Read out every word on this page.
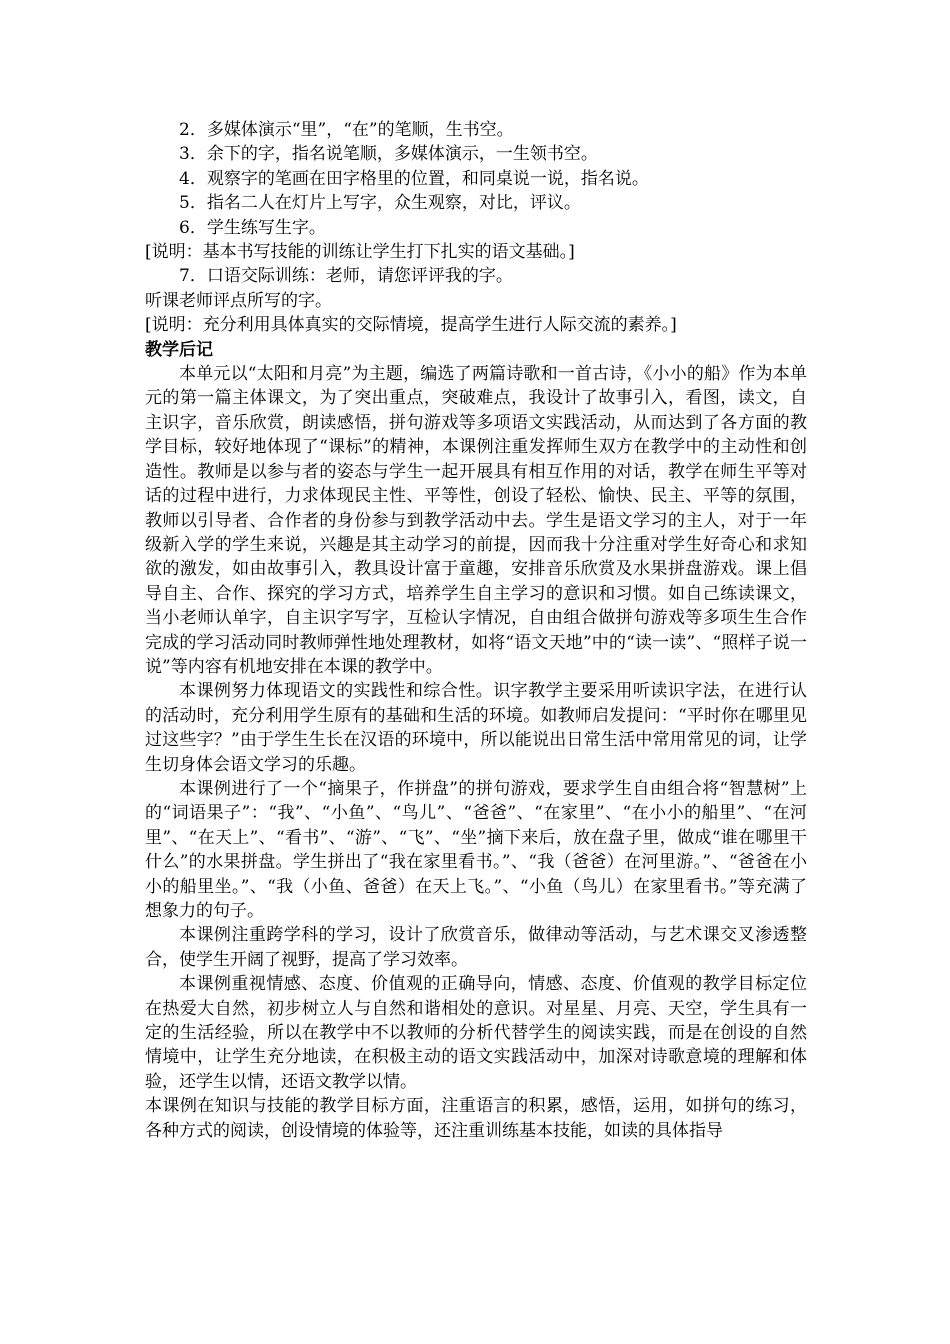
　　2．多媒体演示“里”，“在”的笔顺，生书空。
　　3．余下的字，指名说笔顺，多媒体演示，一生领书空。
　　4．观察字的笔画在田字格里的位置，和同桌说一说，指名说。
　　5．指名二人在灯片上写字，众生观察，对比，评议。
　　6．学生练写生字。
[说明：基本书写技能的训练让学生打下扎实的语文基础。]
　　7．口语交际训练：老师，请您评评我的字。
听课老师评点所写的字。
[说明：充分利用具体真实的交际情境，提高学生进行人际交流的素养。]
教学后记

本单元以“太阳和月亮”为主题，编选了两篇诗歌和一首古诗，《小小的船》作为本单元的第一篇主体课文，为了突出重点，突破难点，我设计了故事引入，看图，读文，自主识字，音乐欣赏，朗读感悟，拼句游戏等多项语文实践活动，从而达到了各方面的教学目标，较好地体现了“课标”的精神，本课例注重发挥师生双方在教学中的主动性和创造性。教师是以参与者的姿态与学生一起开展具有相互作用的对话，教学在师生平等对话的过程中进行，力求体现民主性、平等性，创设了轻松、愉快、民主、平等的氛围，教师以引导者、合作者的身份参与到教学活动中去。学生是语文学习的主人，对于一年级新入学的学生来说，兴趣是其主动学习的前提，因而我十分注重对学生好奇心和求知欲的激发，如由故事引入，教具设计富于童趣，安排音乐欣赏及水果拼盘游戏。课上倡导自主、合作、探究的学习方式，培养学生自主学习的意识和习惯。如自己练读课文，当小老师认单字，自主识字写字，互检认字情况，自由组合做拼句游戏等多项生生合作完成的学习活动同时教师弹性地处理教材，如将“语文天地”中的“读一读”、“照样子说一说”等内容有机地安排在本课的教学中。

本课例努力体现语文的实践性和综合性。识字教学主要采用听读识字法，在进行认的活动时，充分利用学生原有的基础和生活的环境。如教师启发提问：“平时你在哪里见过这些字？”由于学生生长在汉语的环境中，所以能说出日常生活中常用常见的词，让学生切身体会语文学习的乐趣。

本课例进行了一个“摘果子，作拼盘”的拼句游戏，要求学生自由组合将“智慧树”上的“词语果子”：“我”、“小鱼”、“鸟儿”、“爸爸”、“在家里”、“在小小的船里”、“在河里”、“在天上”、“看书”、“游”、“飞”、“坐”摘下来后，放在盘子里，做成“谁在哪里干什么”的水果拼盘。学生拼出了“我在家里看书。”、“我（爸爸）在河里游。”、“爸爸在小小的船里坐。”、“我（小鱼、爸爸）在天上飞。”、“小鱼（鸟儿）在家里看书。”等充满了想象力的句子。

本课例注重跨学科的学习，设计了欣赏音乐，做律动等活动，与艺术课交叉渗透整合，使学生开阔了视野，提高了学习效率。

本课例重视情感、态度、价值观的正确导向，情感、态度、价值观的教学目标定位在热爱大自然，初步树立人与自然和谐相处的意识。对星星、月亮、天空，学生具有一定的生活经验，所以在教学中不以教师的分析代替学生的阅读实践，而是在创设的自然情境中，让学生充分地读，在积极主动的语文实践活动中，加深对诗歌意境的理解和体验，还学生以情，还语文教学以情。

本课例在知识与技能的教学目标方面，注重语言的积累，感悟，运用，如拼句的练习，各种方式的阅读，创设情境的体验等，还注重训练基本技能，如读的具体指导
